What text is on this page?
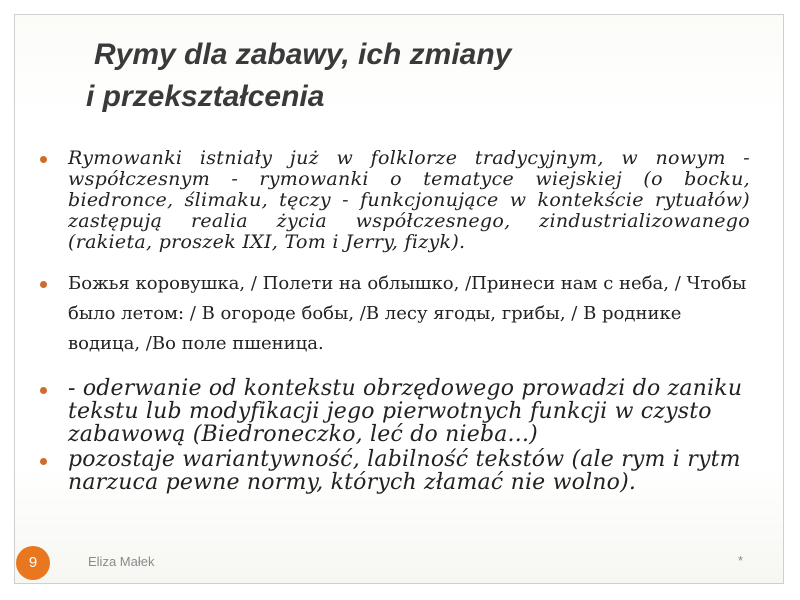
Rymy dla zabawy, ich zmiany
i przekształcenia
Rymowanki istniały już w folklorze tradycyjnym, w nowym - współczesnym - rymowanki o tematyce wiejskiej (o bocku, biedronce, ślimaku, tęczy - funkcjonujące w kontekście rytuałów) zastępują realia życia współczesnego, zindustrializowanego (rakieta, proszek IXI, Tom i Jerry, fizyk).
Божья коровушка, / Полети на облышко, /Принеси нам с неба, / Чтобы было летом: / В огороде бобы, /В лесу ягоды, грибы, / В роднике водица, /Во поле пшеница.
- oderwanie od kontekstu obrzędowego prowadzi do zaniku tekstu lub modyfikacji jego pierwotnych funkcji w czysto zabawową (Biedroneczko, leć do nieba...)
pozostaje wariantywność, labilność tekstów (ale rym i rytm narzuca pewne normy, których złamać nie wolno).
9	Eliza Małek	*
